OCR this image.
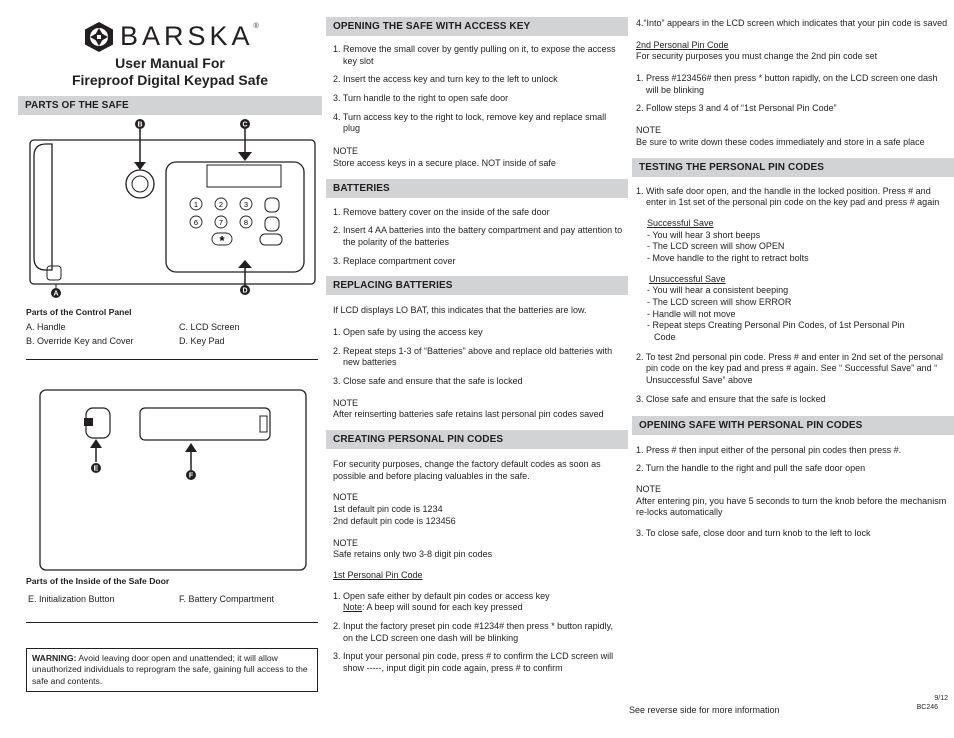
BARSKA ®
User Manual For
Fireproof Digital Keypad Safe
PARTS OF THE SAFE
1	2	3
6	7	8
*
B	C
D
A
Parts of the Control Panel
A. Handle	C. LCD Screen
B. Override Key and Cover	D. Key Pad
E
F
Parts of the Inside of the Safe Door
E. Initialization Button	F. Battery Compartment
WARNING: Avoid leaving door open and unattended; it will allow unauthorized individuals to reprogram the safe, gaining full access to the safe and contents.
OPENING THE SAFE WITH ACCESS KEY

1. Remove the small cover by gently pulling on it, to expose the access key slot

2. Insert the access key and turn key to the left to unlock

3. Turn handle to the right to open safe door

4. Turn access key to the right to lock, remove key and replace small plug

NOTE

Store access keys in a secure place. NOT inside of safe

BATTERIES

1. Remove battery cover on the inside of the safe door

2. Insert 4 AA batteries into the battery compartment and pay attention to the polarity of the batteries

3. Replace compartment cover

REPLACING BATTERIES

If LCD displays LO BAT, this indicates that the batteries are low.

1. Open safe by using the access key

2. Repeat steps 1-3 of “Batteries” above and replace old batteries with new batteries

3. Close safe and ensure that the safe is locked

NOTE

After reinserting batteries safe retains last personal pin codes saved

CREATING PERSONAL PIN CODES

For security purposes, change the factory default codes as soon as possible and before placing valuables in the safe.

NOTE

1st default pin code is 1234

2nd default pin code is 123456

NOTE

Safe retains only two 3-8 digit pin codes

1st Personal Pin Code

1. Open safe either by default pin codes or access key

Note: A beep will sound for each key pressed

2. Input the factory preset pin code #1234# then press * button rapidly, on the LCD screen one dash will be blinking

3. Input your personal pin code, press # to confirm the LCD screen will show -----, input digit pin code again, press # to confirm

4.“Into” appears in the LCD screen which indicates that your pin code is saved

2nd Personal Pin Code

For security purposes you must change the 2nd pin code set

1. Press #123456# then press * button rapidly, on the LCD screen one dash will be blinking

2. Follow steps 3 and 4 of “1st Personal Pin Code”

NOTE

Be sure to write down these codes immediately and store in a safe place

TESTING THE PERSONAL PIN CODES

1. With safe door open, and the handle in the locked position. Press # and enter in 1st set of the personal pin code on the key pad and press # again

Successful Save

- You will hear 3 short beeps

- The LCD screen will show OPEN

- Move handle to the right to retract bolts

Unsuccessful Save

- You will hear a consistent beeping

- The LCD screen will show ERROR

- Handle will not move

- Repeat steps Creating Personal Pin Codes, of 1st Personal Pin Code

2. To test 2nd personal pin code. Press # and enter in 2nd set of the personal pin code on the key pad and press # again. See “ Successful Save” and “ Unsuccessful Save” above

3. Close safe and ensure that the safe is locked

OPENING SAFE WITH PERSONAL PIN CODES

1. Press # then input either of the personal pin codes then press #.

2. Turn the handle to the right and pull the safe door open

NOTE

After entering pin, you have 5 seconds to turn the knob before the mechanism re-locks automatically

3. To close safe, close door and turn knob to the left to lock

See reverse side for more information

9/12

BC246
